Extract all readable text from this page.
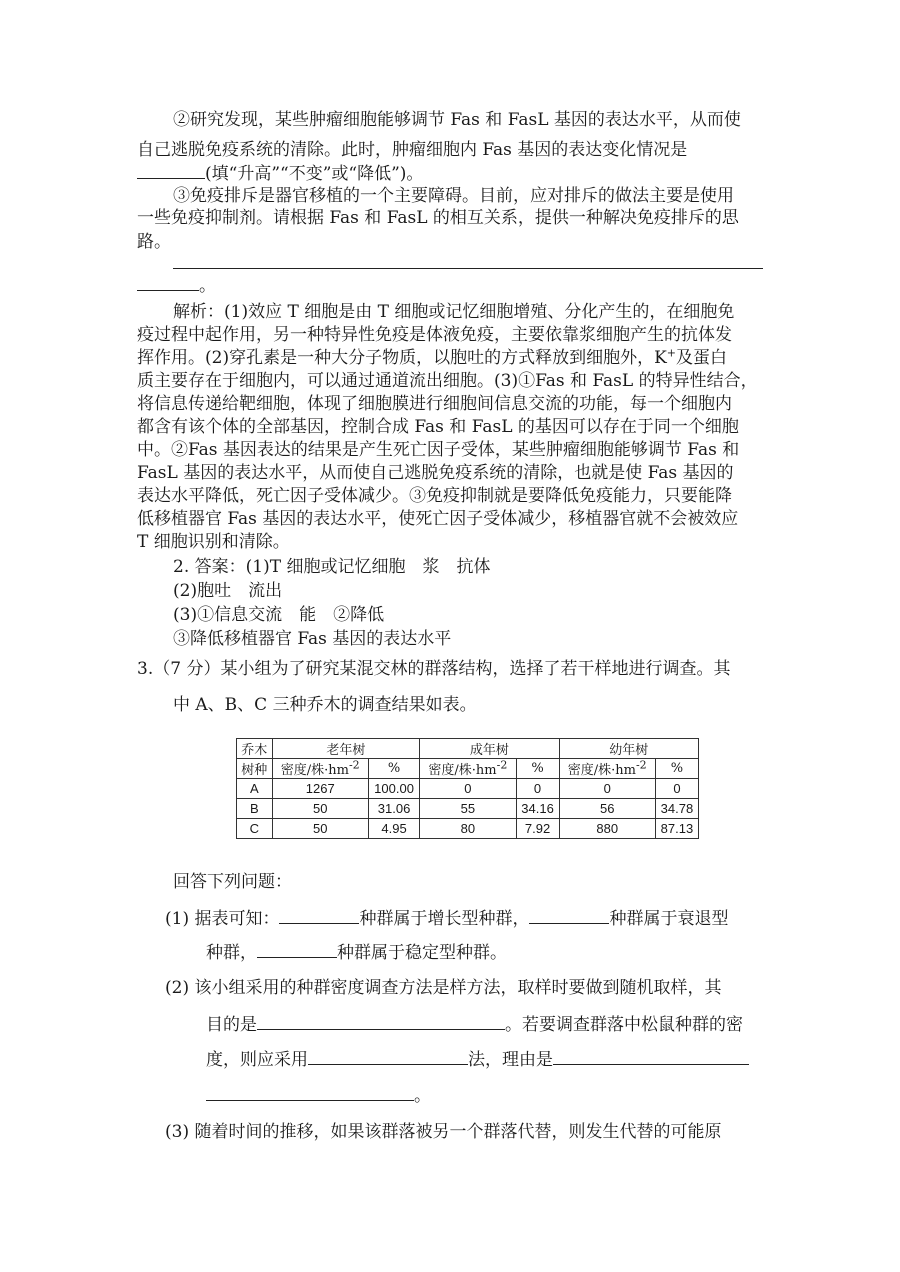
②研究发现，某些肿瘤细胞能够调节 Fas 和 FasL 基因的表达水平，从而使
自己逃脱免疫系统的清除。此时，肿瘤细胞内 Fas 基因的表达变化情况是
(填“升高”“不变”或“降低”)。
③免疫排斥是器官移植的一个主要障碍。目前，应对排斥的做法主要是使用
一些免疫抑制剂。请根据 Fas 和 FasL 的相互关系，提供一种解决免疫排斥的思
路。
。
解析：(1)效应 T 细胞是由 T 细胞或记忆细胞增殖、分化产生的，在细胞免
疫过程中起作用，另一种特异性免疫是体液免疫，主要依靠浆细胞产生的抗体发
挥作用。(2)穿孔素是一种大分子物质，以胞吐的方式释放到细胞外，K+及蛋白
质主要存在于细胞内，可以通过通道流出细胞。(3)①Fas 和 FasL 的特异性结合，
将信息传递给靶细胞，体现了细胞膜进行细胞间信息交流的功能，每一个细胞内
都含有该个体的全部基因，控制合成 Fas 和 FasL 的基因可以存在于同一个细胞
中。②Fas 基因表达的结果是产生死亡因子受体，某些肿瘤细胞能够调节 Fas 和
FasL 基因的表达水平，从而使自己逃脱免疫系统的清除，也就是使 Fas 基因的
表达水平降低，死亡因子受体减少。③免疫抑制就是要降低免疫能力，只要能降
低移植器官 Fas 基因的表达水平，使死亡因子受体减少，移植器官就不会被效应
T 细胞识别和清除。
2. 答案：(1)T 细胞或记忆细胞　浆　抗体
(2)胞吐　流出
(3)①信息交流　能　②降低
③降低移植器官 Fas 基因的表达水平
3.（7 分）某小组为了研究某混交林的群落结构，选择了若干样地进行调查。其
中 A、B、C 三种乔木的调查结果如表。
乔木	老年树		成年树		幼年树	
树种	密度/株$\cdot hm^{-2}$	%	密度/株$\cdot hm^{-2}$	%	密度/株$\cdot hm^{-2}$	%
A	1267	100.00	0	0	0	0
B	50	31.06	55	34.16	56	34.78
C	50	4.95	80	7.92	880	87.13
回答下列问题：
(1) 据表可知：	种群属于增长型种群，	种群属于衰退型
种群，	种群属于稳定型种群。
(2) 该小组采用的种群密度调查方法是样方法，取样时要做到随机取样，其
目的是	。若要调查群落中松鼠种群的密
度，则应采用	法，理由是
。
(3) 随着时间的推移，如果该群落被另一个群落代替，则发生代替的可能原
